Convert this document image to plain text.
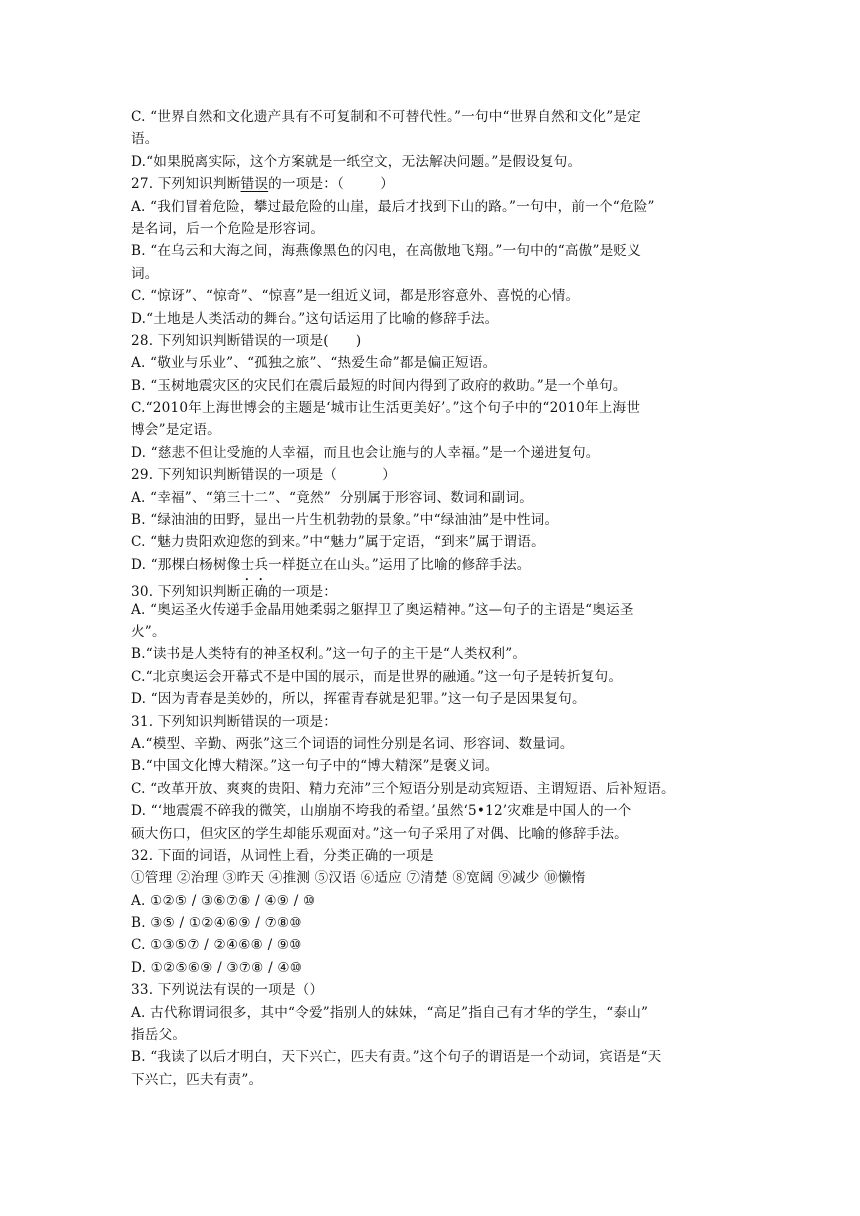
C. “世界自然和文化遗产具有不可复制和不可替代性。”一句中“世界自然和文化”是定
语。
D.“如果脱离实际，这个方案就是一纸空文，无法解决问题。”是假设复句。
27. 下列知识判断错误的一项是：（        ）
A. “我们冒着危险，攀过最危险的山崖，最后才找到下山的路。”一句中，前一个“危险”
是名词，后一个危险是形容词。
B. “在乌云和大海之间，海燕像黑色的闪电，在高傲地飞翔。”一句中的“高傲”是贬义
词。
C. “惊讶”、“惊奇”、“惊喜”是一组近义词，都是形容意外、喜悦的心情。
D.“土地是人类活动的舞台。”这句话运用了比喻的修辞手法。
28. 下列知识判断错误的一项是(      )
A. “敬业与乐业”、“孤独之旅”、“热爱生命”都是偏正短语。
B. “玉树地震灾区的灾民们在震后最短的时间内得到了政府的救助。”是一个单句。
C.“2010年上海世博会的主题是‘城市让生活更美好’。”这个句子中的“2010年上海世
博会”是定语。
D. “慈悲不但让受施的人幸福，而且也会让施与的人幸福。”是一个递进复句。
29. 下列知识判断错误的一项是（          ）
A. “幸福”、“第三十二”、“竟然”  分别属于形容词、数词和副词。
B. “绿油油的田野，显出一片生机勃勃的景象。”中“绿油油”是中性词。
C. “魅力贵阳欢迎您的到来。”中“魅力”属于定语，“到来”属于谓语。
D. “那棵白杨树像士兵一样挺立在山头。”运用了比喻的修辞手法。
30. 下列知识判断正确的一项是：
A. “奥运圣火传递手金晶用她柔弱之躯捍卫了奥运精神。”这—句子的主语是“奥运圣
火”。
B.“读书是人类特有的神圣权利。”这一句子的主干是“人类权利”。
C.“北京奥运会开幕式不是中国的展示，而是世界的融通。”这一句子是转折复句。
D. “因为青春是美妙的，所以，挥霍青春就是犯罪。”这一句子是因果复句。
31. 下列知识判断错误的一项是：
A.“模型、辛勤、两张”这三个词语的词性分别是名词、形容词、数量词。
B.“中国文化博大精深。”这一句子中的“博大精深”是褒义词。
C. “改革开放、爽爽的贵阳、精力充沛”三个短语分别是动宾短语、主谓短语、后补短语。
D. “‘地震震不碎我的微笑，山崩崩不垮我的希望。’虽然‘5•12’灾难是中国人的一个
硕大伤口，但灾区的学生却能乐观面对。”这一句子采用了对偶、比喻的修辞手法。
32. 下面的词语，从词性上看，分类正确的一项是
①管理 ②治理 ③昨天 ④推测 ⑤汉语 ⑥适应 ⑦清楚 ⑧宽阔 ⑨减少 ⑩懒惰
A. ①②⑤ / ③⑥⑦⑧ / ④⑨ / ⑩
B. ③⑤ / ①②④⑥⑨ / ⑦⑧⑩
C. ①③⑤⑦ / ②④⑥⑧ / ⑨⑩
D. ①②⑤⑥⑨ / ③⑦⑧ / ④⑩
33. 下列说法有误的一项是（）
A. 古代称谓词很多，其中“令爱”指别人的妹妹，“高足”指自己有才华的学生，“泰山”
指岳父。
B. “我读了以后才明白，天下兴亡，匹夫有责。”这个句子的谓语是一个动词，宾语是“天
下兴亡，匹夫有责”。
